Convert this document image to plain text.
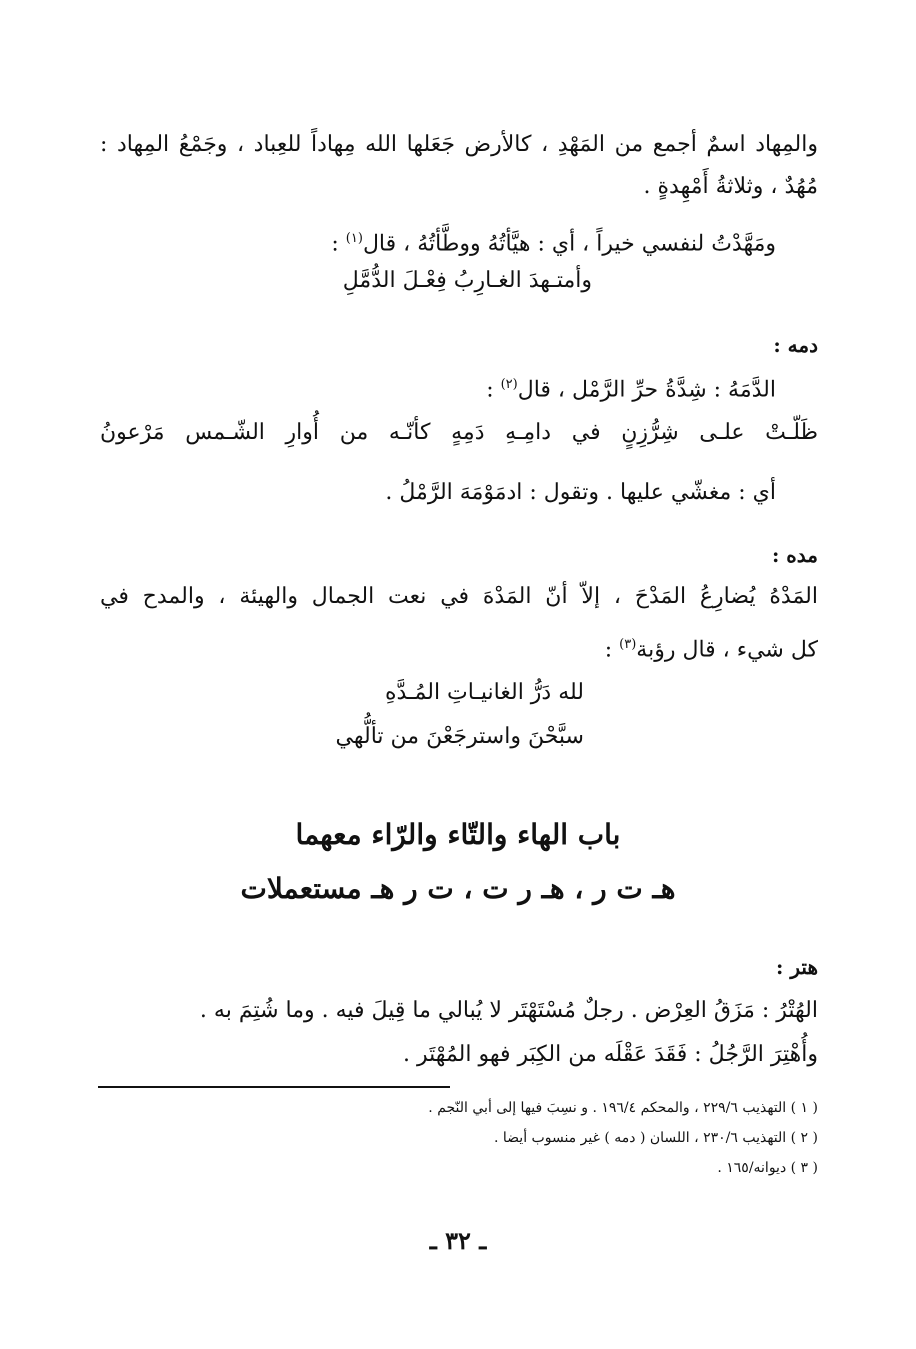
والمِهاد اسمٌ أجمع من المَهْدِ ، كالأرض جَعَلها الله مِهاداً للعِباد ، وجَمْعُ المِهاد :
مُهُدٌ ، وثلاثةُ أَمْهِدةٍ .
ومَهَّدْتُ لنفسي خيراً ، أي : هيَّأتُهُ ووطَّأتُهُ ، قال$^{(١)}$ :
وأمتـهدَ الغـارِبُ فِعْـلَ الدُّمَّلِ
دمه :
الدَّمَهُ : شِدَّةُ حرِّ الرَّمْل ، قال$^{(٢)}$ :
ظَلّـتْ علـى شِرُّزِنٍ في دامِـهِ دَمِهٍ كأنّـه من أُوارِ الشّـمس مَرْعونُ
أي : مغشّي عليها . وتقول : ادمَوْمَهَ الرَّمْلُ .
مده :
المَدْهُ يُضارِعُ المَدْحَ ، إلاّ أنّ المَدْهَ في نعت الجمال والهيئة ، والمدح في
كل شيء ، قال رؤبة$^{(٣)}$ :
لله دَرُّ الغانيـاتِ المُـدَّهِ
سبَّحْنَ واسترجَعْنَ من تألُّهي
باب الهاء والتّاء والرّاء معهما
هـ ت ر ، هـ ر ت ، ت ر هـ مستعملات
هتر :
الهُتْرُ : مَزَقُ العِرْض . رجلٌ مُسْتَهْتَر لا يُبالي ما قِيلَ فيه . وما شُتِمَ به .
وأُهْتِرَ الرَّجُلُ : فَقَدَ عَقْلَه من الكِبَر فهو المُهْتَر .
( ١ ) التهذيب ٢٢٩/٦ ، والمحكم ١٩٦/٤ . و نسِبَ فيها إلى أبي النّجم .
( ٢ ) التهذيب ٢٣٠/٦ ، اللسان ( دمه ) غير منسوب أيضا .
( ٣ ) ديوانه/١٦٥ .
ـ ٣٢ ـ
